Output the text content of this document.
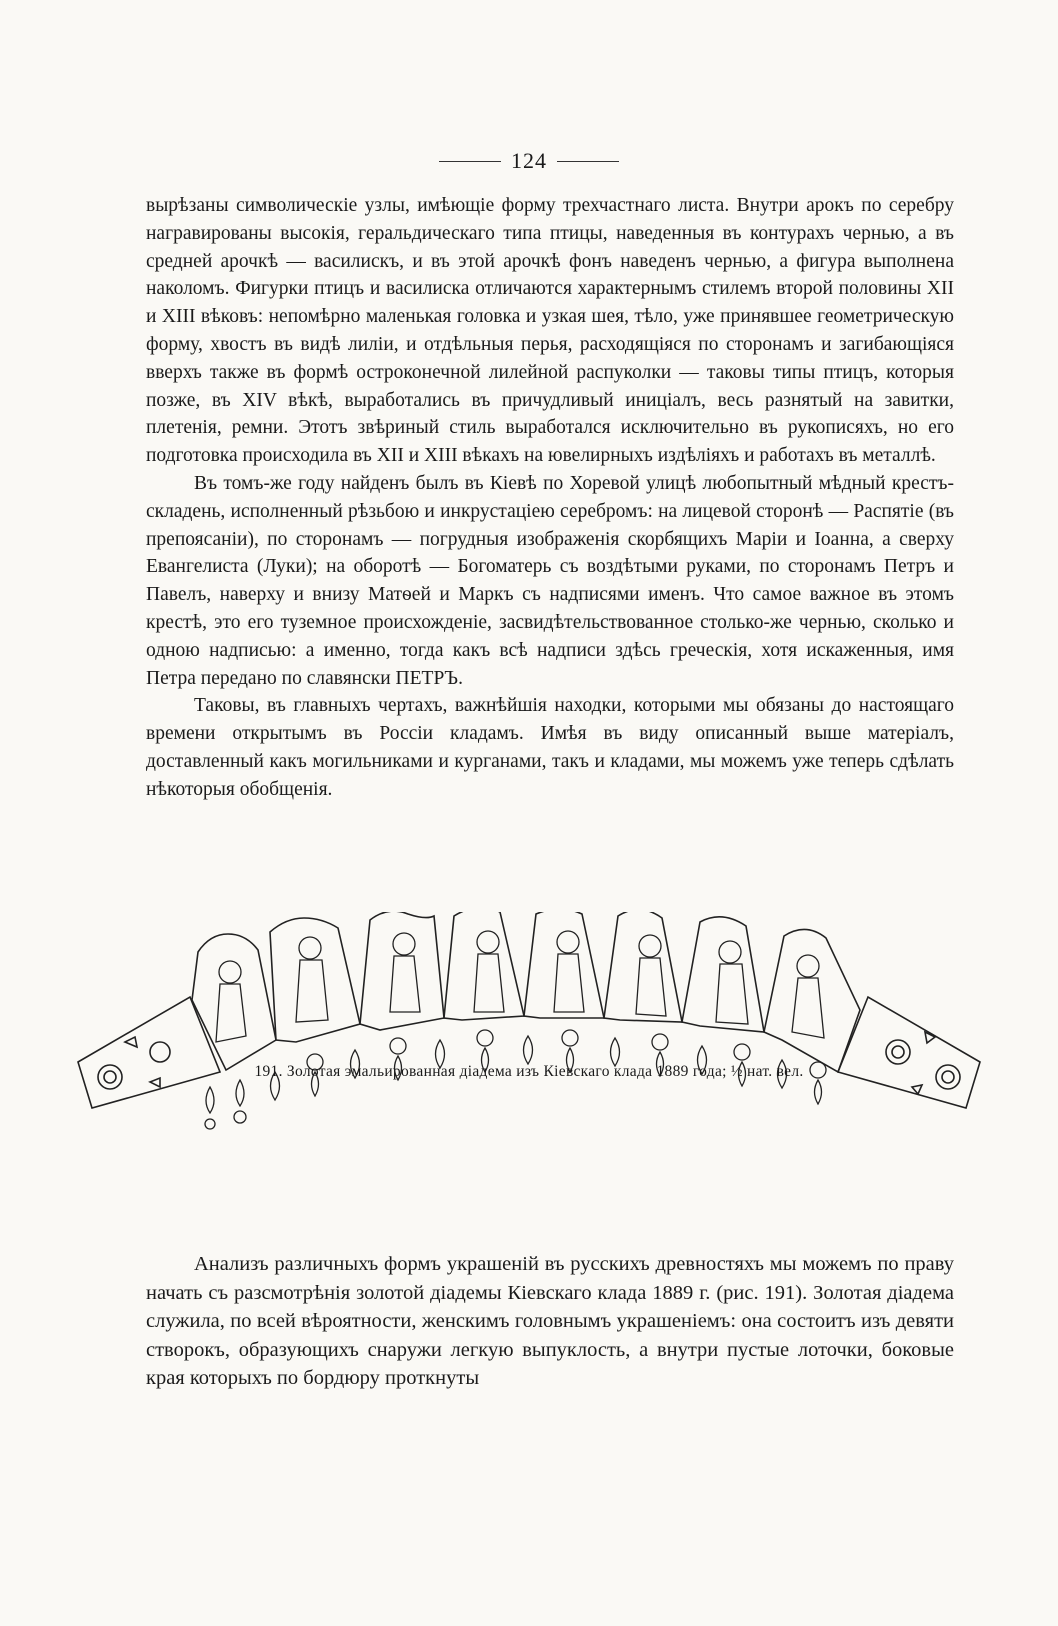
124

вырѣзаны символическіе узлы, имѣющіе форму трехчастнаго листа. Внутри арокъ по серебру награвированы высокія, геральдическаго типа птицы, наведенныя въ контурахъ чернью, а въ средней арочкѣ — василискъ, и въ этой арочкѣ фонъ наведенъ чернью, а фигура выполнена наколомъ. Фигурки птицъ и василиска отличаются характернымъ стилемъ второй половины XII и XIII вѣковъ: непомѣрно маленькая головка и узкая шея, тѣло, уже принявшее геометрическую форму, хвостъ въ видѣ лиліи, и отдѣльныя перья, расходящіяся по сторонамъ и загибающіяся вверхъ также въ формѣ остроконечной лилейной распуколки — таковы типы птицъ, которыя позже, въ XIV вѣкѣ, выработались въ причудливый иниціалъ, весь разнятый на завитки, плетенія, ремни. Этотъ звѣриный стиль выработался исключительно въ рукописяхъ, но его подготовка происходила въ XII и XIII вѣкахъ на ювелирныхъ издѣліяхъ и работахъ въ металлѣ.

Въ томъ-же году найденъ былъ въ Кіевѣ по Хоревой улицѣ любопытный мѣдный крестъ-складень, исполненный рѣзьбою и инкрустаціею серебромъ: на лицевой сторонѣ — Распятіе (въ препоясаніи), по сторонамъ — погрудныя изображенія скорбящихъ Маріи и Іоанна, а сверху Евангелиста (Луки); на оборотѣ — Богоматерь съ воздѣтыми руками, по сторонамъ Петръ и Павелъ, наверху и внизу Матѳей и Маркъ съ надписями именъ. Что самое важное въ этомъ крестѣ, это его туземное происхожденіе, засвидѣтельствованное столько-же чернью, сколько и одною надписью: а именно, тогда какъ всѣ надписи здѣсь греческія, хотя искаженныя, имя Петра передано по славянски ПЕТРЪ.

Таковы, въ главныхъ чертахъ, важнѣйшія находки, которыми мы обязаны до настоящаго времени открытымъ въ Россіи кладамъ. Имѣя въ виду описанный выше матеріалъ, доставленный какъ могильниками и курганами, такъ и кладами, мы можемъ уже теперь сдѣлать нѣкоторыя обобщенія.

191. Золотая эмальированная діадема изъ Кіевскаго клада 1889 года; ½ нат. вел.

Анализъ различныхъ формъ украшеній въ русскихъ древностяхъ мы можемъ по праву начать съ разсмотрѣнія золотой діадемы Кіевскаго клада 1889 г. (рис. 191). Золотая діадема служила, по всей вѣроятности, женскимъ головнымъ украшеніемъ: она состоитъ изъ девяти створокъ, образующихъ снаружи легкую выпуклость, а внутри пустые лоточки, боковые края которыхъ по бордюру проткнуты
